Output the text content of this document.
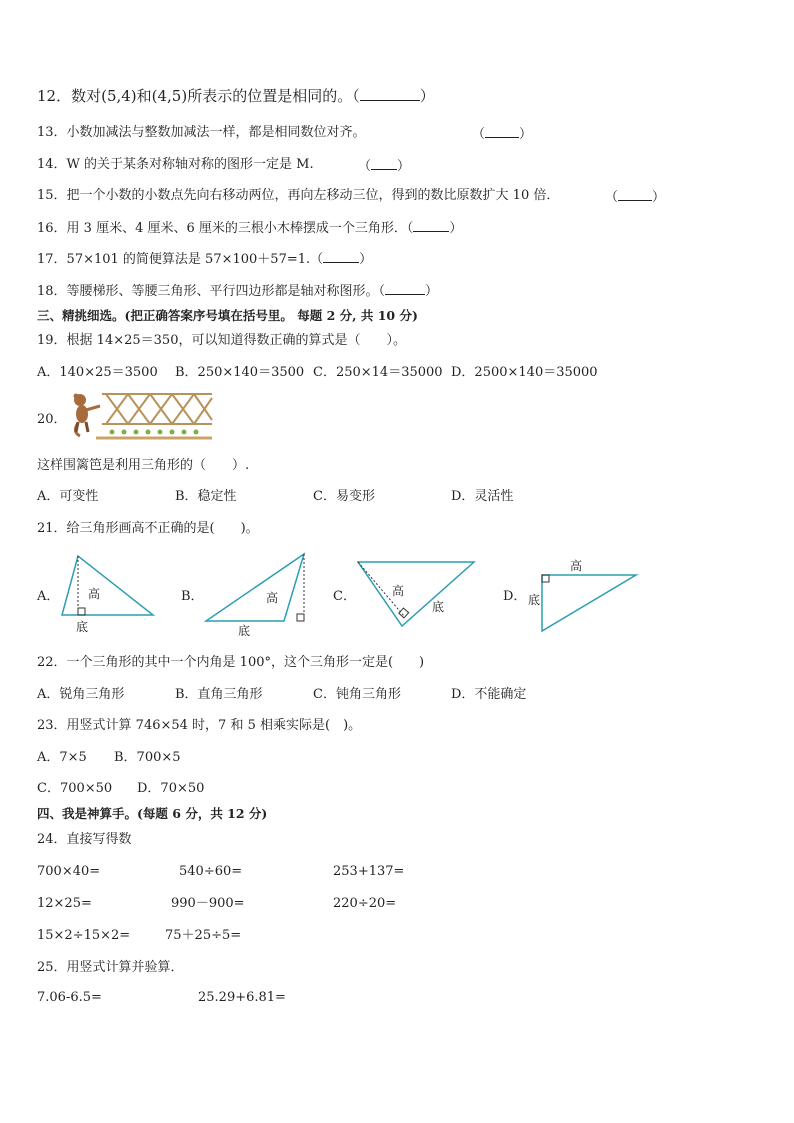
12．数对(5,4)和(4,5)所表示的位置是相同的。（	）
13．小数加减法与整数加减法一样，都是相同数位对齐。	（	）
14．W 的关于某条对称轴对称的图形一定是 M.	（ ）
15．把一个小数的小数点先向右移动两位，再向左移动三位，得到的数比原数扩大 10 倍．	（	）
16．用 3 厘米、4 厘米、6 厘米的三根小木棒摆成一个三角形．（	）
17．57×101 的简便算法是 57×100＋57=1.（	）
18．等腰梯形、等腰三角形、平行四边形都是轴对称图形。（	）
三、精挑细选。(把正确答案序号填在括号里。 每题 2 分, 共 10 分)
19．根据 14×25＝350，可以知道得数正确的算式是（　　）。
A．140×25＝3500 B．250×140＝3500 C．250×14＝35000 D．2500×140＝35000
20．
这样围篱笆是利用三角形的（　　）.
A．可变性	B．稳定性	C．易变形	D．灵活性
21．给三角形画高不正确的是(　　)。
A．	B．	C．	D．
高
底
高
底
高
底
高
底
22．一个三角形的其中一个内角是 100°，这个三角形一定是(　　)
A．锐角三角形	B．直角三角形	C．钝角三角形	D．不能确定
23．用竖式计算 746×54 时，7 和 5 相乘实际是(　)。
A．7×5 B．700×5
C．700×50 D．70×50
四、我是神算手。(每题 6 分，共 12 分)
24．直接写得数
700×40=	540÷60=	253+137=
12×25=	990－900=	220÷20=
15×2÷15×2=	75＋25÷5=
25．用竖式计算并验算．
7.06-6.5=	25.29+6.81=
